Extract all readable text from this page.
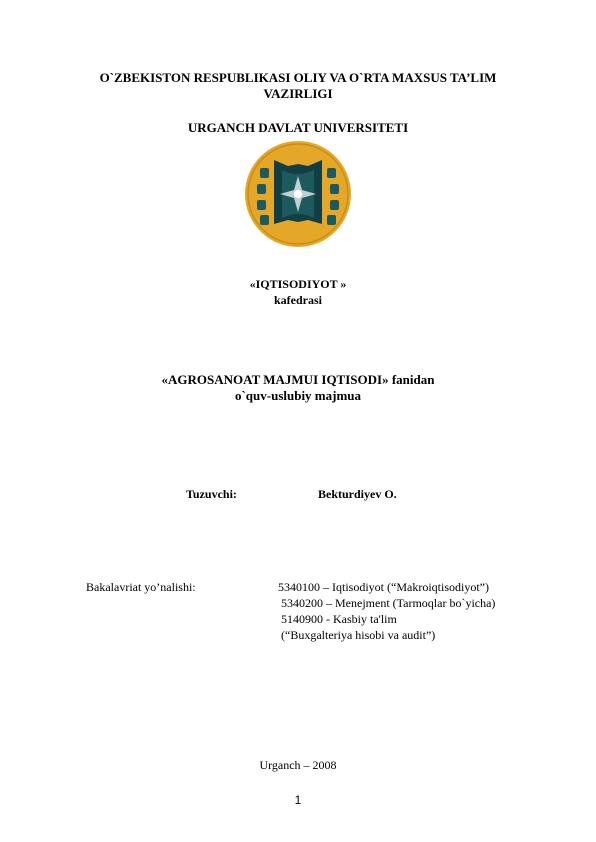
O`ZBEKISTON RESPUBLIKASI OLIY VA O`RTA MAXSUS TA’LIM
VAZIRLIGI
URGANCH DAVLAT UNIVERSITETI
«IQTISODIYOT »
kafedrasi
«AGROSANOAT MAJMUI IQTISODI» fanidan
o`quv-uslubiy majmua
Tuzuvchi:	Bekturdiyev O.
Bakalavriat yo’nalishi:	5340100 – Iqtisodiyot (“Makroiqtisodiyot”)
5340200 – Menejment (Tarmoqlar bo`yicha)
5140900 - Kasbiy ta'lim
(“Buxgalteriya hisobi va audit”)
Urganch – 2008
1
